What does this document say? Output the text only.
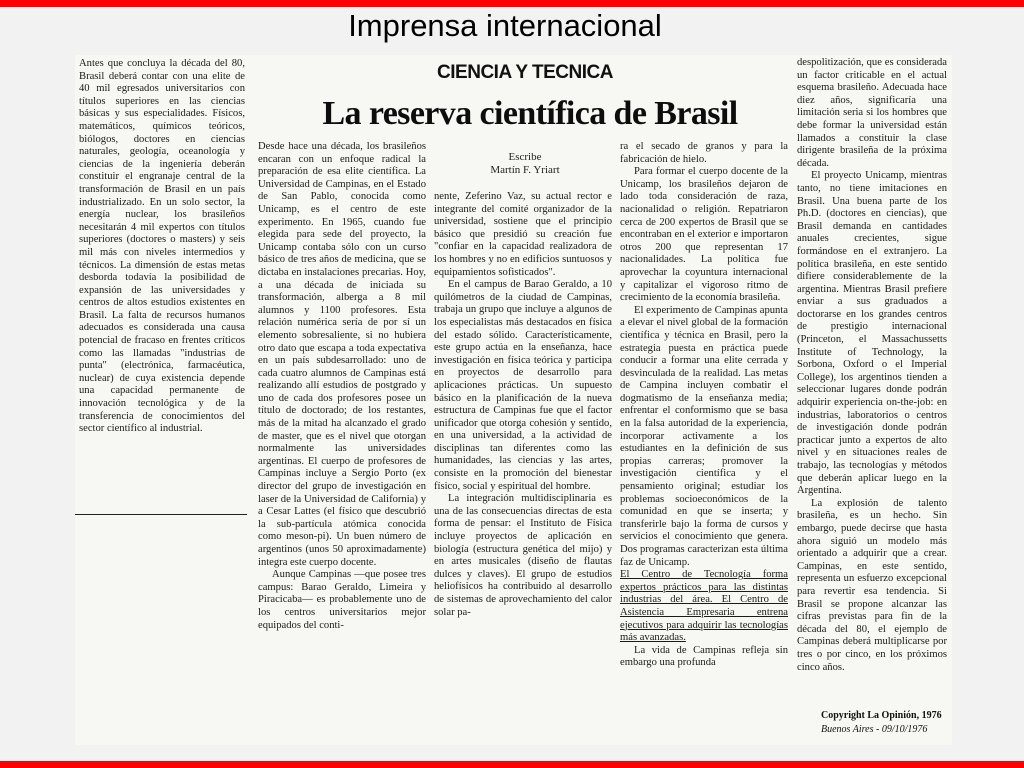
Imprensa internacional

Antes que concluya la década del 80, Brasil deberá contar con una elite de 40 mil egresados universitarios con títulos superiores en las ciencias básicas y sus especialidades. Físicos, matemáticos, químicos teóricos, biólogos, doctores en ciencias naturales, geología, oceanología y ciencias de la ingeniería deberán constituir el engranaje central de la transformación de Brasil en un país industrializado. En un solo sector, la energía nuclear, los brasileños necesitarán 4 mil expertos con títulos superiores (doctores o masters) y seis mil más con niveles intermedios y técnicos. La dimensión de estas metas desborda todavía la posibilidad de expansión de las universidades y centros de altos estudios existentes en Brasil. La falta de recursos humanos adecuados es considerada una causa potencial de fracaso en frentes críticos como las llamadas "industrias de punta" (electrónica, farmacéutica, nuclear) de cuya existencia depende una capacidad permanente de innovación tecnológica y de la transferencia de conocimientos del sector científico al industrial.

CIENCIA Y TECNICA
La reserva científica de Brasil
Escribe
Martín F. Yriart

Desde hace una década, los brasileños encaran con un enfoque radical la preparación de esa elite científica. La Universidad de Campinas, en el Estado de San Pablo, conocida como Unicamp, es el centro de este experimento. En 1965, cuando fue elegida para sede del proyecto, la Unicamp contaba sólo con un curso básico de tres años de medicina, que se dictaba en instalaciones precarias. Hoy, a una década de iniciada su transformación, alberga a 8 mil alumnos y 1100 profesores. Esta relación numérica sería de por sí un elemento sobresaliente, si no hubiera otro dato que escapa a toda expectativa en un país subdesarrollado: uno de cada cuatro alumnos de Campinas está realizando allí estudios de postgrado y uno de cada dos profesores posee un título de doctorado; de los restantes, más de la mitad ha alcanzado el grado de master, que es el nivel que otorgan normalmente las universidades argentinas. El cuerpo de profesores de Campinas incluye a Sergio Porto (ex director del grupo de investigación en laser de la Universidad de California) y a Cesar Lattes (el físico que descubrió la sub-partícula atómica conocida como meson-pi). Un buen número de argentinos (unos 50 aproximadamente) integra este cuerpo docente.

Aunque Campinas —que posee tres campus: Barao Geraldo, Limeira y Piracicaba— es probablemente uno de los centros universitarios mejor equipados del conti-

nente, Zeferino Vaz, su actual rector e integrante del comité organizador de la universidad, sostiene que el principio básico que presidió su creación fue "confiar en la capacidad realizadora de los hombres y no en edificios suntuosos y equipamientos sofisticados".

En el campus de Barao Geraldo, a 10 quilómetros de la ciudad de Campinas, trabaja un grupo que incluye a algunos de los especialistas más destacados en física del estado sólido. Característicamente, este grupo actúa en la enseñanza, hace investigación en física teórica y participa en proyectos de desarrollo para aplicaciones prácticas. Un supuesto básico en la planificación de la nueva estructura de Campinas fue que el factor unificador que otorga cohesión y sentido, en una universidad, a la actividad de disciplinas tan diferentes como las humanidades, las ciencias y las artes, consiste en la promoción del bienestar físico, social y espiritual del hombre.

La integración multidisciplinaria es una de las consecuencias directas de esta forma de pensar: el Instituto de Física incluye proyectos de aplicación en biología (estructura genética del mijo) y en artes musicales (diseño de flautas dulces y claves). El grupo de estudios heliofísicos ha contribuido al desarrollo de sistemas de aprovechamiento del calor solar pa-

ra el secado de granos y para la fabricación de hielo.

Para formar el cuerpo docente de la Unicamp, los brasileños dejaron de lado toda consideración de raza, nacionalidad o religión. Repatriaron cerca de 200 expertos de Brasil que se encontraban en el exterior e importaron otros 200 que representan 17 nacionalidades. La política fue aprovechar la coyuntura internacional y capitalizar el vigoroso ritmo de crecimiento de la economía brasileña.

El experimento de Campinas apunta a elevar el nivel global de la formación científica y técnica en Brasil, pero la estrategia puesta en práctica puede conducir a formar una elite cerrada y desvinculada de la realidad. Las metas de Campina incluyen combatir el dogmatismo de la enseñanza media; enfrentar el conformismo que se basa en la falsa autoridad de la experiencia, incorporar activamente a los estudiantes en la definición de sus propias carreras; promover la investigación científica y el pensamiento original; estudiar los problemas socioeconómicos de la comunidad en que se inserta; y transferirle bajo la forma de cursos y servicios el conocimiento que genera. Dos programas caracterizan esta última faz de Unicamp.

El Centro de Tecnología forma expertos prácticos para las distintas industrias del área. El Centro de Asistencia Empresaria entrena ejecutivos para adquirir las tecnologías más avanzadas.

La vida de Campinas refleja sin embargo una profunda

despolitización, que es considerada un factor criticable en el actual esquema brasileño. Adecuada hace diez años, significaría una limitación seria si los hombres que debe formar la universidad están llamados a constituir la clase dirigente brasileña de la próxima década.

El proyecto Unicamp, mientras tanto, no tiene imitaciones en Brasil. Una buena parte de los Ph.D. (doctores en ciencias), que Brasil demanda en cantidades anuales crecientes, sigue formándose en el extranjero. La política brasileña, en este sentido difiere considerablemente de la argentina. Mientras Brasil prefiere enviar a sus graduados a doctorarse en los grandes centros de prestigio internacional (Princeton, el Massachussetts Institute of Technology, la Sorbona, Oxford o el Imperial College), los argentinos tienden a seleccionar lugares donde podrán adquirir experiencia on-the-job: en industrias, laboratorios o centros de investigación donde podrán practicar junto a expertos de alto nivel y en situaciones reales de trabajo, las tecnologías y métodos que deberán aplicar luego en la Argentina.

La explosión de talento brasileña, es un hecho. Sin embargo, puede decirse que hasta ahora siguió un modelo más orientado a adquirir que a crear. Campinas, en este sentido, representa un esfuerzo excepcional para revertir esa tendencia. Si Brasil se propone alcanzar las cifras previstas para fin de la década del 80, el ejemplo de Campinas deberá multiplicarse por tres o por cinco, en los próximos cinco años.

Copyright La Opinión, 1976
Buenos Aires - 09/10/1976
